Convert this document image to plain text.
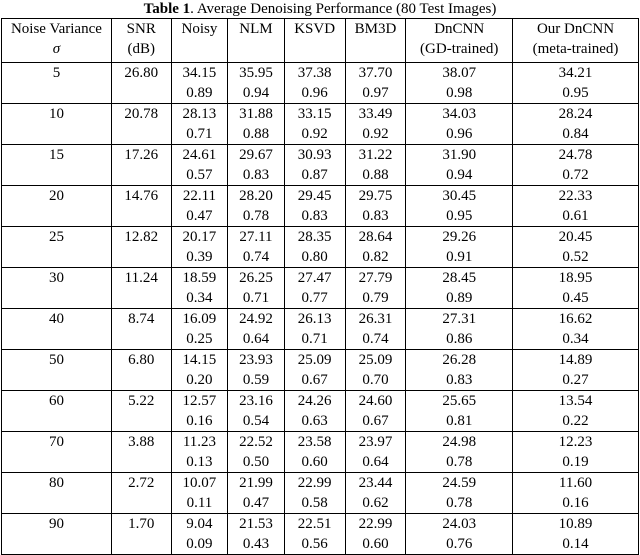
Table 1. Average Denoising Performance (80 Test Images)
Noise Variance	SNR	Noisy	NLM	KSVD	BM3D	DnCNN	Our DnCNN
σ	(dB)					(GD-trained)	(meta-trained)

5	26.80	34.15	35.95	37.38	37.70	38.07	34.21
		0.89	0.94	0.96	0.97	0.98	0.95
10	20.78	28.13	31.88	33.15	33.49	34.03	28.24
		0.71	0.88	0.92	0.92	0.96	0.84
15	17.26	24.61	29.67	30.93	31.22	31.90	24.78
		0.57	0.83	0.87	0.88	0.94	0.72
20	14.76	22.11	28.20	29.45	29.75	30.45	22.33
		0.47	0.78	0.83	0.83	0.95	0.61
25	12.82	20.17	27.11	28.35	28.64	29.26	20.45
		0.39	0.74	0.80	0.82	0.91	0.52
30	11.24	18.59	26.25	27.47	27.79	28.45	18.95
		0.34	0.71	0.77	0.79	0.89	0.45
40	8.74	16.09	24.92	26.13	26.31	27.31	16.62
		0.25	0.64	0.71	0.74	0.86	0.34
50	6.80	14.15	23.93	25.09	25.09	26.28	14.89
		0.20	0.59	0.67	0.70	0.83	0.27
60	5.22	12.57	23.16	24.26	24.60	25.65	13.54
		0.16	0.54	0.63	0.67	0.81	0.22
70	3.88	11.23	22.52	23.58	23.97	24.98	12.23
		0.13	0.50	0.60	0.64	0.78	0.19
80	2.72	10.07	21.99	22.99	23.44	24.59	11.60
		0.11	0.47	0.58	0.62	0.78	0.16
90	1.70	9.04	21.53	22.51	22.99	24.03	10.89
		0.09	0.43	0.56	0.60	0.76	0.14
